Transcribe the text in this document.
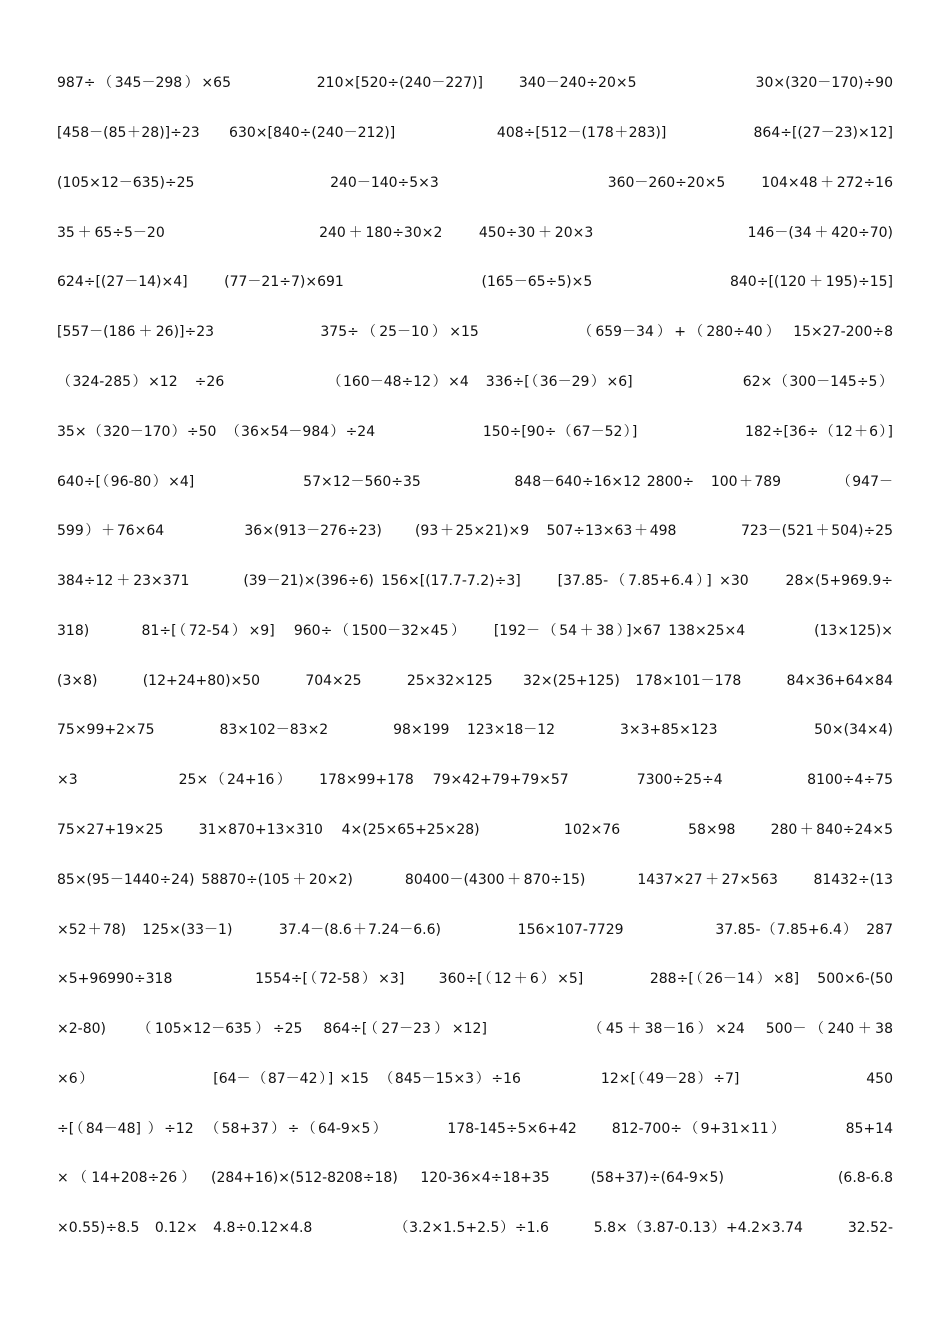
987÷（345－298）×65　　　　　210×[520÷(240－227)]　　340－240÷20×5　　　　　　　30×(320－170)÷90
[458－(85＋28)]÷23　　630×[840÷(240－212)]　　　　　　　408÷[512－(178＋283)]　　　　　　864÷[(27－23)×12]
(105×12－635)÷25　　　　　　　　240－140÷5×3　　　　　　　　　　360－260÷20×5　　104×48＋272÷16
35＋65÷5－20　　　　　　　　　240＋180÷30×2　　450÷30＋20×3　　　　　　　　　146－(34＋420÷70)
624÷[(27－14)×4]　　(77－21÷7)×691　　　　　　　　(165－65÷5)×5　　　　　　　　840÷[(120＋195)÷15]
[557－(186＋26)]÷23　　　　　　375÷（25－10）×15　　　　　　（659－34）+（280÷40）　15×27-200÷8
（324-285）×12　÷26　　　　　　　（160－48÷12）×4　336÷[（36－29）×6]　　　　　　　62×（300－145÷5）
35×（320－170）÷50　（36×54－984）÷24　　　　　　　150÷[90÷（67－52）]　　　　　　　182÷[36÷（12＋6）]
640÷[（96-80）×4]　　　　　　　57×12－560÷35　　　　　　848－640÷16×12 2800÷　100＋789　　　　（947－
599）＋76×64　　　　　36×(913－276÷23)　　(93＋25×21)×9　507÷13×63＋498　　　　723－(521＋504)÷25
384÷12＋23×371　　　(39－21)×(396÷6) 156×[(17.7-7.2)÷3]　　[37.85-（7.85+6.4）] ×30　　28×(5+969.9÷
318)　　　81÷[（72-54）×9]　960÷（1500－32×45）　　[192－（54＋38）]×67 138×25×4　　　　(13×125)×
(3×8)　　　(12+24+80)×50　　　704×25　　　25×32×125　　32×(25+125)　178×101－178　　　84×36+64×84
75×99+2×75　　　　83×102－83×2　　　　98×199　123×18－12　　　　3×3+85×123　　　　　　50×(34×4)
×3　　　　　　25×（24+16）　　178×99+178　79×42+79+79×57　　　　7300÷25÷4　　　　　8100÷4÷75
75×27+19×25　　31×870+13×310　4×(25×65+25×28)　　　　　102×76　　　　58×98　　280＋840÷24×5
85×(95－1440÷24) 58870÷(105＋20×2)　　　80400－(4300＋870÷15)　　　1437×27＋27×563　　81432÷(13
×52＋78)　125×(33－1)　　　37.4－(8.6＋7.24－6.6)　　　　　156×107-7729　　　　　　37.85-（7.85+6.4）　287
×5+96990÷318　　　　　1554÷[（72-58）×3]　　360÷[（12＋6）×5]　　　　288÷[（26－14）×8]　500×6-(50
×2-80)　　（105×12－635）÷25　864÷[（27－23）×12]　　　　　　（45＋38－16）×24　500－（240＋38
×6）　　　　　　　　[64－（87－42）] ×15　（845－15×3）÷16　　　　　12×[（49－28）÷7]　　　　　　　　450
÷[（84－48] ）÷12　（58+37）÷（64-9×5）　　　　178-145÷5×6+42　　812-700÷（9+31×11）　　　　85+14
×（14+208÷26）　(284+16)×(512-8208÷18)　120-36×4÷18+35　　(58+37)÷(64-9×5)　　　　　　(6.8-6.8
×0.55)÷8.5　0.12×　4.8÷0.12×4.8　　　　　　（3.2×1.5+2.5）÷1.6　　　5.8×（3.87-0.13）+4.2×3.74　　　32.52-
